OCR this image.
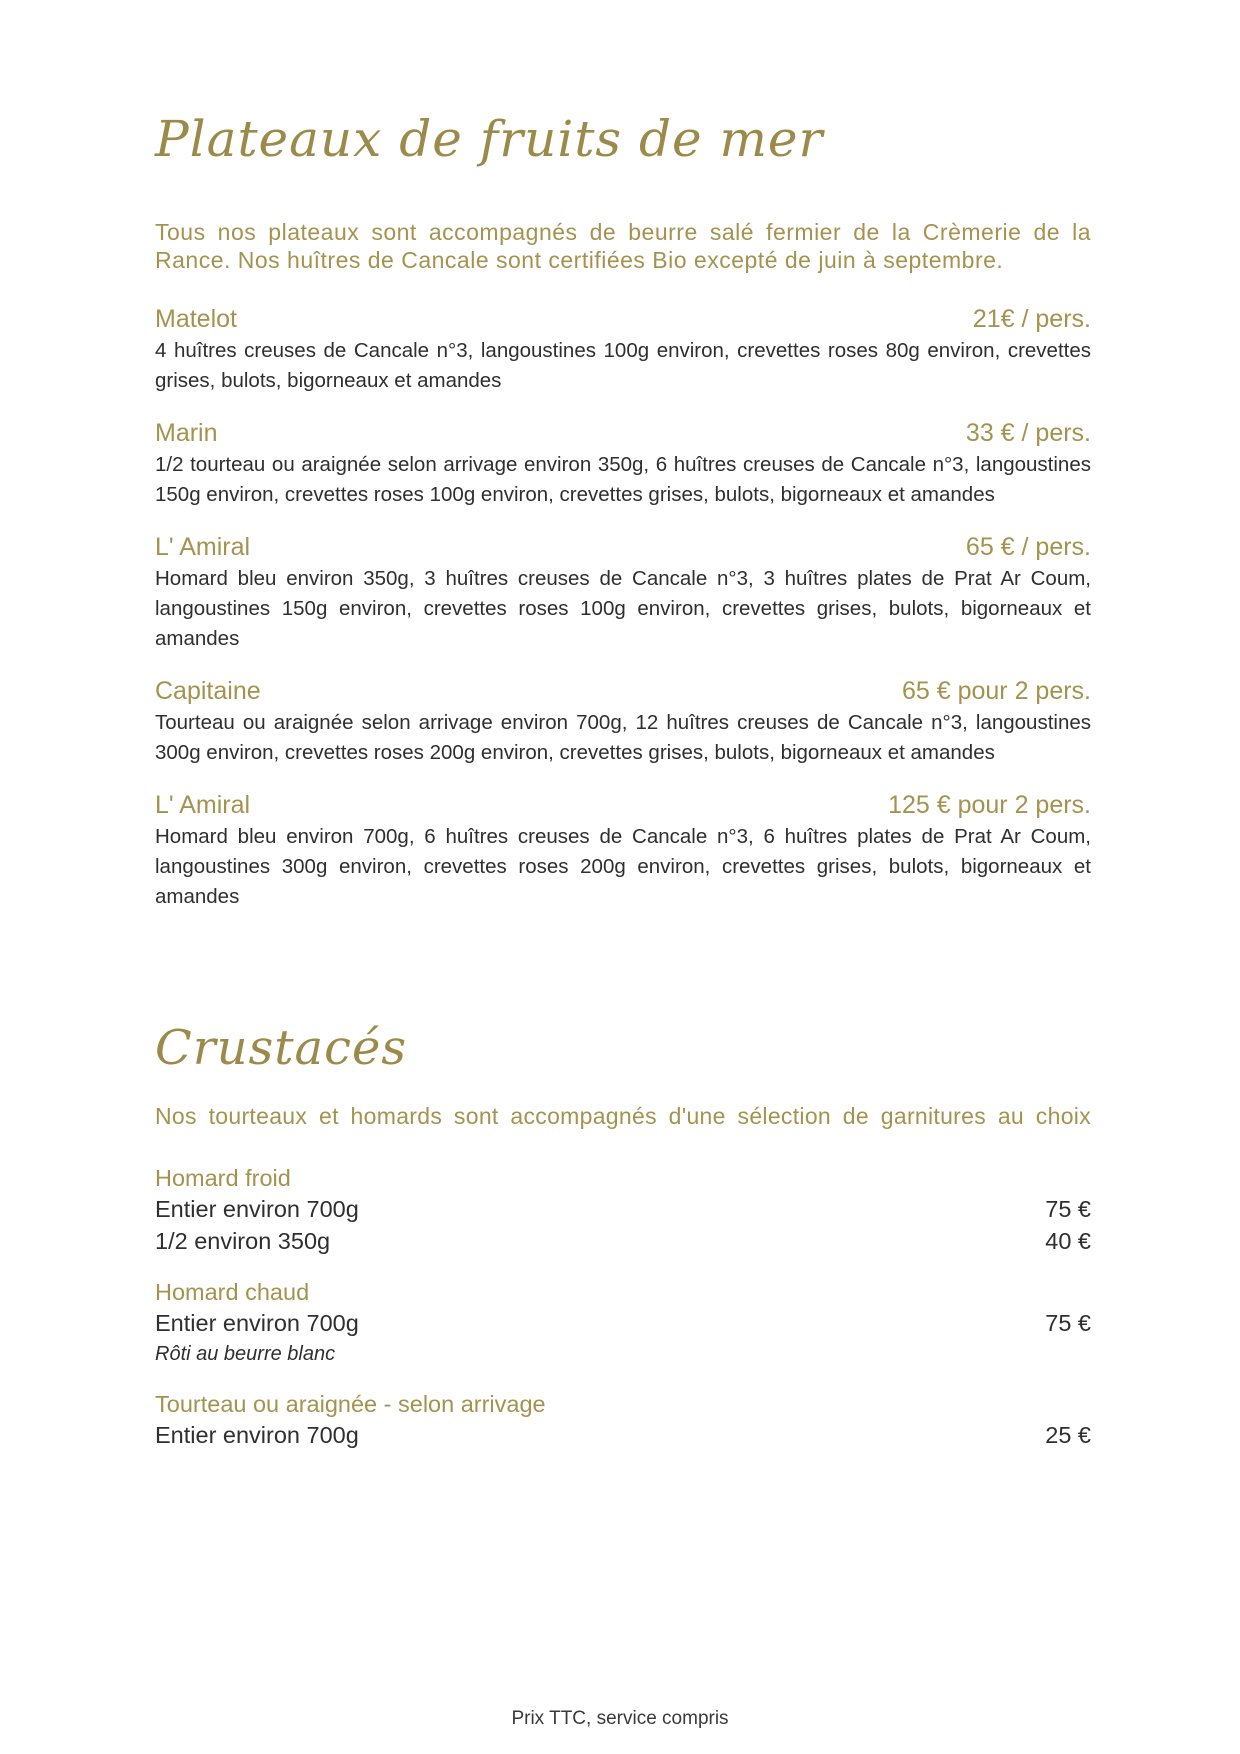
Plateaux de fruits de mer
Tous nos plateaux sont accompagnés de beurre salé fermier de la Crèmerie de la Rance. Nos huîtres de Cancale sont certifiées Bio excepté de juin à septembre.
Matelot	21€ / pers.
4 huîtres creuses de Cancale n°3, langoustines 100g environ, crevettes roses 80g environ, crevettes grises, bulots, bigorneaux et amandes
Marin	33 € / pers.
1/2 tourteau ou araignée selon arrivage environ 350g, 6 huîtres creuses de Cancale n°3, langoustines 150g environ, crevettes roses 100g environ, crevettes grises, bulots, bigorneaux et amandes
L' Amiral	65 € / pers.
Homard bleu environ 350g, 3 huîtres creuses de Cancale n°3, 3 huîtres plates de Prat Ar Coum, langoustines 150g environ, crevettes roses 100g environ, crevettes grises, bulots, bigorneaux et amandes
Capitaine	65 € pour 2 pers.
Tourteau ou araignée selon arrivage environ 700g, 12 huîtres creuses de Cancale n°3, langoustines 300g environ, crevettes roses 200g environ, crevettes grises, bulots, bigorneaux et amandes
L' Amiral	125 € pour 2 pers.
Homard bleu environ 700g, 6 huîtres creuses de Cancale n°3, 6 huîtres plates de Prat Ar Coum, langoustines 300g environ, crevettes roses 200g environ, crevettes grises, bulots, bigorneaux et amandes
Crustacés
Nos tourteaux et homards sont accompagnés d'une sélection de garnitures au choix
Homard froid
Entier environ 700g	75 €
1/2 environ 350g	40 €
Homard chaud
Entier environ 700g	75 €
Rôti au beurre blanc
Tourteau ou araignée - selon arrivage
Entier environ 700g	25 €
Prix TTC, service compris
